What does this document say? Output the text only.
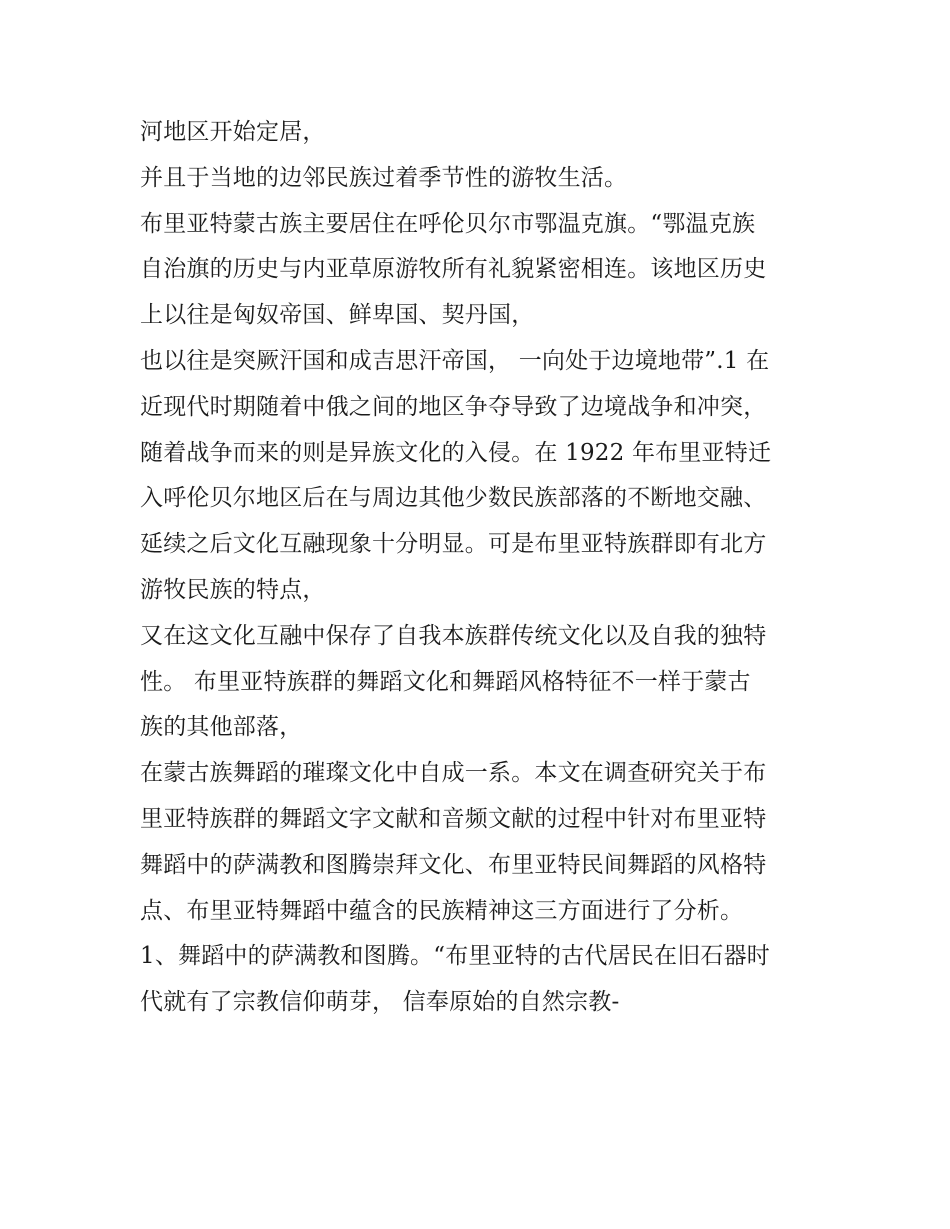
河地区开始定居，
并且于当地的边邻民族过着季节性的游牧生活。
布里亚特蒙古族主要居住在呼伦贝尔市鄂温克旗。“鄂温克族
自治旗的历史与内亚草原游牧所有礼貌紧密相连。该地区历史
上以往是匈奴帝国、鲜卑国、契丹国，
也以往是突厥汗国和成吉思汗帝国， 一向处于边境地带”.1 在
近现代时期随着中俄之间的地区争夺导致了边境战争和冲突，
随着战争而来的则是异族文化的入侵。在 1922 年布里亚特迁
入呼伦贝尔地区后在与周边其他少数民族部落的不断地交融、
延续之后文化互融现象十分明显。可是布里亚特族群即有北方
游牧民族的特点，
又在这文化互融中保存了自我本族群传统文化以及自我的独特
性。 布里亚特族群的舞蹈文化和舞蹈风格特征不一样于蒙古
族的其他部落，
在蒙古族舞蹈的璀璨文化中自成一系。本文在调查研究关于布
里亚特族群的舞蹈文字文献和音频文献的过程中针对布里亚特
舞蹈中的萨满教和图腾崇拜文化、布里亚特民间舞蹈的风格特
点、布里亚特舞蹈中蕴含的民族精神这三方面进行了分析。
1、舞蹈中的萨满教和图腾。“布里亚特的古代居民在旧石器时
代就有了宗教信仰萌芽， 信奉原始的自然宗教-
